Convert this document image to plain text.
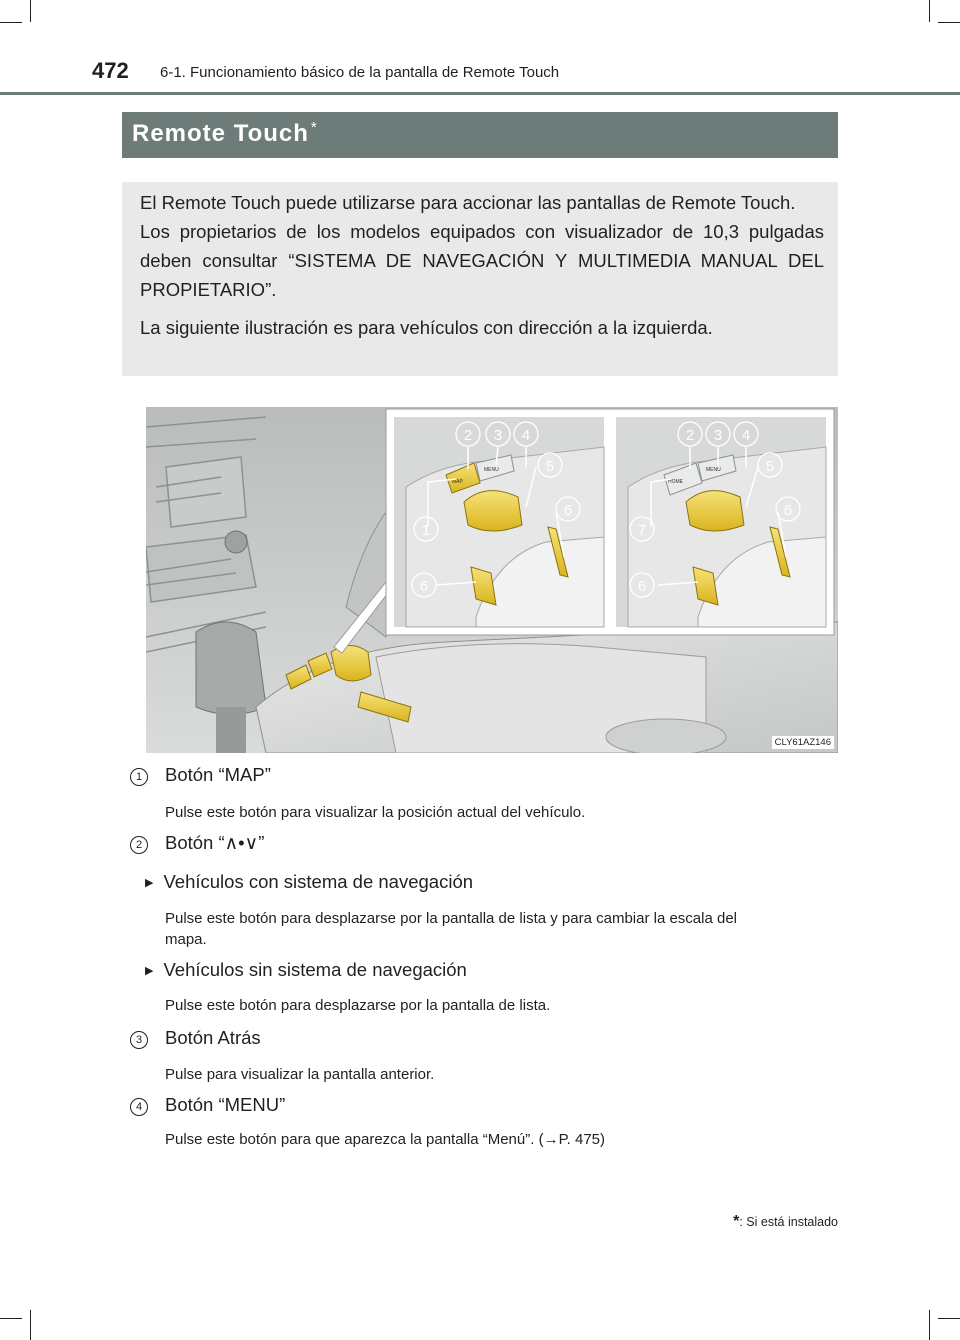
472 6-1. Funcionamiento básico de la pantalla de Remote Touch
Remote Touch *

El Remote Touch puede utilizarse para accionar las pantallas de Remote Touch.

Los propietarios de los modelos equipados con visualizador de 10,3 pulgadas deben consultar “SISTEMA DE NAVEGACIÓN Y MULTIMEDIA MANUAL DEL PROPIETARIO”.

La siguiente ilustración es para vehículos con dirección a la izquierda.

MAP
MENU
HOME
MENU
2 3 4
5
6
1
6
2 3 4
5
6
7
6
CLY61AZ146
1	Botón “MAP”
Pulse este botón para visualizar la posición actual del vehículo.
2	Botón “∧•∨”
▶ Vehículos con sistema de navegación
Pulse este botón para desplazarse por la pantalla de lista y para cambiar la escala del
mapa.
▶ Vehículos sin sistema de navegación
Pulse este botón para desplazarse por la pantalla de lista.
3	Botón Atrás
Pulse para visualizar la pantalla anterior.
4	Botón “MENU”
Pulse este botón para que aparezca la pantalla “Menú”. (→P. 475)
*: Si está instalado
